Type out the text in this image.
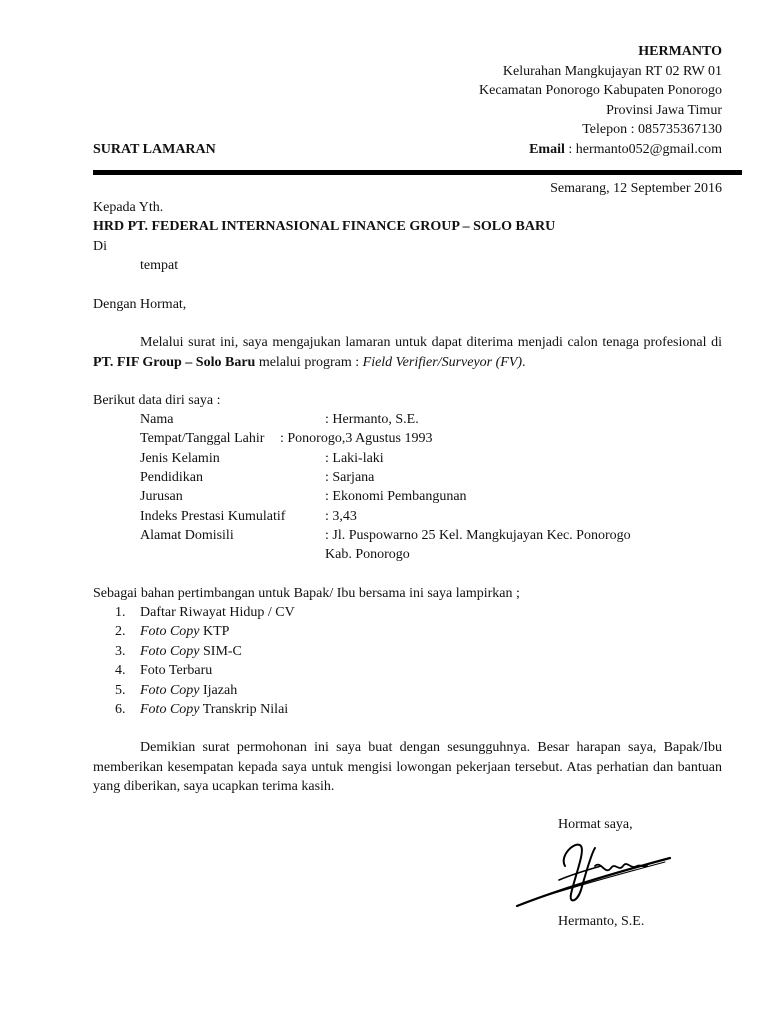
HERMANTO
Kelurahan Mangkujayan RT 02 RW 01
Kecamatan Ponorogo Kabupaten Ponorogo
Provinsi Jawa Timur
Telepon : 085735367130
Email : hermanto052@gmail.com
SURAT LAMARAN
Semarang, 12 September 2016
Kepada Yth.
HRD PT. FEDERAL INTERNASIONAL FINANCE GROUP – SOLO BARU
Di
tempat
Dengan Hormat,
Melalui surat ini, saya mengajukan lamaran untuk dapat diterima menjadi calon tenaga profesional di PT. FIF Group – Solo Baru melalui program : Field Verifier/Surveyor (FV).
Berikut data diri saya :
Nama	: Hermanto, S.E.
Tempat/Tanggal Lahir : Ponorogo,3 Agustus 1993
Jenis Kelamin	: Laki-laki
Pendidikan	: Sarjana
Jurusan	: Ekonomi Pembangunan
Indeks Prestasi Kumulatif	: 3,43
Alamat Domisili	: Jl. Puspowarno 25 Kel. Mangkujayan Kec. Ponorogo
Kab. Ponorogo
Sebagai bahan pertimbangan untuk Bapak/ Ibu bersama ini saya lampirkan ;
1. Daftar Riwayat Hidup / CV
2. Foto Copy KTP
3. Foto Copy SIM-C
4. Foto Terbaru
5. Foto Copy Ijazah
6. Foto Copy Transkrip Nilai
Demikian surat permohonan ini saya buat dengan sesungguhnya. Besar harapan saya, Bapak/Ibu memberikan kesempatan kepada saya untuk mengisi lowongan pekerjaan tersebut. Atas perhatian dan bantuan yang diberikan, saya ucapkan terima kasih.
Hormat saya,
Hermanto, S.E.
